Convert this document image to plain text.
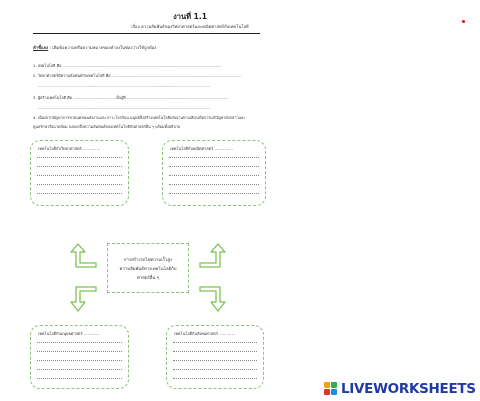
งานที่ 1.1
เรื่อง ความสัมพันธ์ของวิทยาศาสตร์และคณิตศาสตร์กับเทคโนโลยี
คำชี้แจง : เติมข้อความหรือความหมายของคำลงในช่องว่างให้ถูกต้อง
1. เทคโนโลยี คือ .............................................................................................................................................................
2. วิทยาศาสตร์มีความสัมพันธ์กับเทคโนโลยี คือ ................................................................................................................................
...........................................................................................................................................................................
3. ผู้สร้างเทคโนโลยี คือ ......................................... เป็นผู้ที่ .....................................................................................................
...........................................................................................................................................................................
4. เนื่องจากปัญหาการขาดแคลนพลังงานและภาวะโลกร้อน มนุษย์จึงสร้างเทคโนโลยีพลังงานทางเลือกเพื่อการแก้ปัญหาดังกล่าวและ
ดูแลรักษาสิ่งแวดล้อม จงบอกถึงความสัมพันธ์ของเทคโนโลยีกับศาสตร์อื่น ๆ พร้อมทั้งอธิบาย
เทคโนโลยีกับวิทยาศาสตร์ ..............	เทคโนโลยีกับคณิตศาสตร์ ...............
การสร้างรถไฟความเร็วสูง
ความสัมพันธ์ทางเทคโนโลยีกับ
ศาสตร์อื่น ๆ
เทคโนโลยีกับมนุษยศาสตร์ .............	เทคโนโลยีกับสังคมศาสตร์ .............
LIVEWORKSHEETS
